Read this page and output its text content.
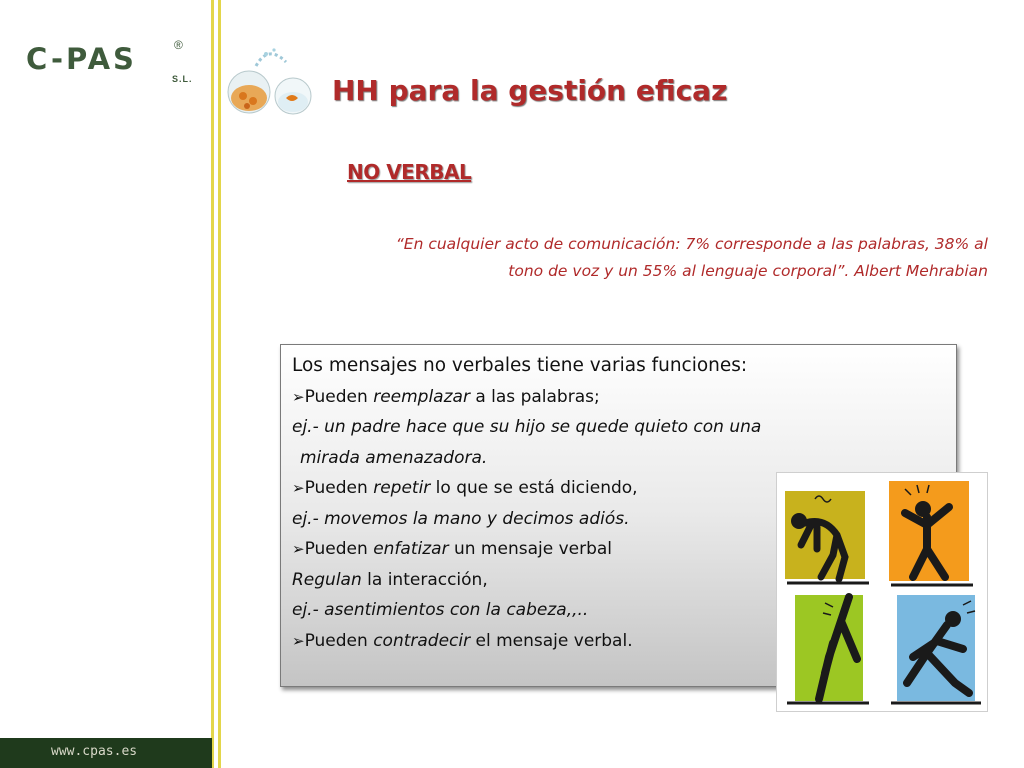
C-PAS	®
S.L.	HH para la gestión eficaz
NO VERBAL
“En cualquier acto de comunicación: 7% corresponde a las palabras, 38% al
tono de voz y un 55% al lenguaje corporal”. Albert Mehrabian
Los mensajes no verbales tiene varias funciones:
➢Pueden reemplazar a las palabras;
ej.- un padre hace que su hijo se quede quieto con una
mirada amenazadora.
➢Pueden repetir lo que se está diciendo,
ej.- movemos la mano y decimos adiós.
➢Pueden enfatizar un mensaje verbal
Regulan la interacción,
ej.- asentimientos con la cabeza,,..
➢Pueden contradecir el mensaje verbal.
www.cpas.es
